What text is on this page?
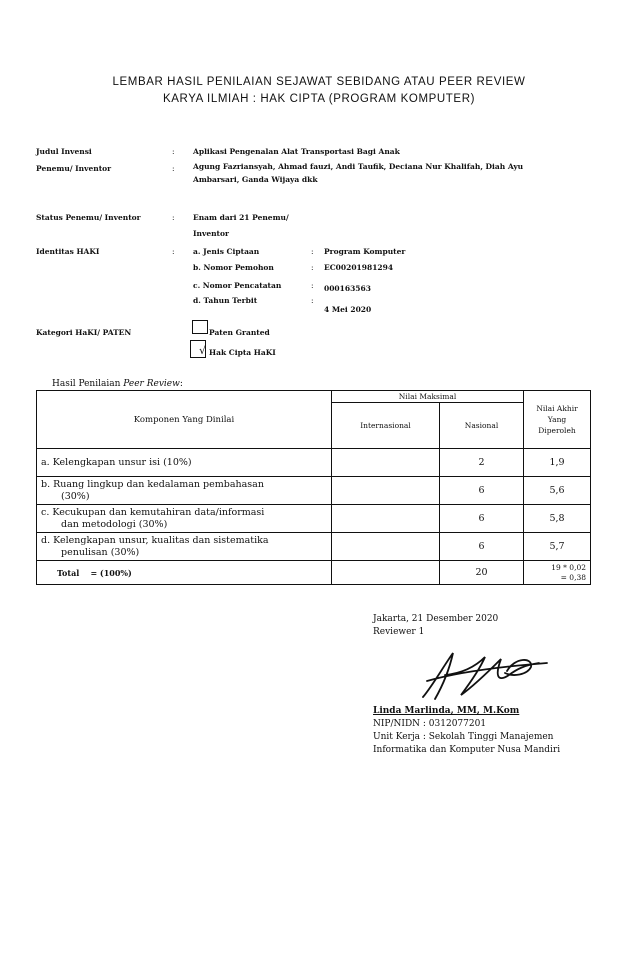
LEMBAR HASIL PENILAIAN SEJAWAT SEBIDANG ATAU PEER REVIEW
KARYA ILMIAH : HAK CIPTA (PROGRAM KOMPUTER)
Judul Invensi	: Aplikasi Pengenalan Alat Transportasi Bagi Anak
Penemu/ Inventor	: Agung Fazriansyah, Ahmad fauzi, Andi Taufik, Deciana Nur Khalifah, Diah Ayu
Ambarsari, Ganda Wijaya dkk
Status Penemu/ Inventor	: Enam dari 21 Penemu/
Inventor
Identitas HAKI	: a. Jenis Ciptaan	: Program Komputer
b. Nomor Pemohon	: EC00201981294
c. Nomor Pencatatan	: 000163563
d. Tahun Terbit	:
4 Mei 2020
Kategori HaKI/ PATEN	Paten Granted
√ Hak Cipta HaKI
Hasil Penilaian Peer Review:
Komponen Yang Dinilai	Nilai Maksimal		Nilai Akhir
Yang
Diperoleh

	Internasional	Nasional	

a. Kelengkapan unsur isi (10%)		2	1,9

b. Ruang lingkup dan kedalaman pembahasan
(30%)		6	5,6

c. Kecukupan dan kemutahiran data/informasi
dan metodologi (30%)		6	5,8

d. Kelengkapan unsur, kualitas dan sistematika
penulisan (30%)		6	5,7
Total = (100%)		20	19 * 0,02
= 0,38
Jakarta, 21 Desember 2020
Reviewer 1
Linda Marlinda, MM, M.Kom
NIP/NIDN : 0312077201
Unit Kerja : Sekolah Tinggi Manajemen
Informatika dan Komputer Nusa Mandiri
